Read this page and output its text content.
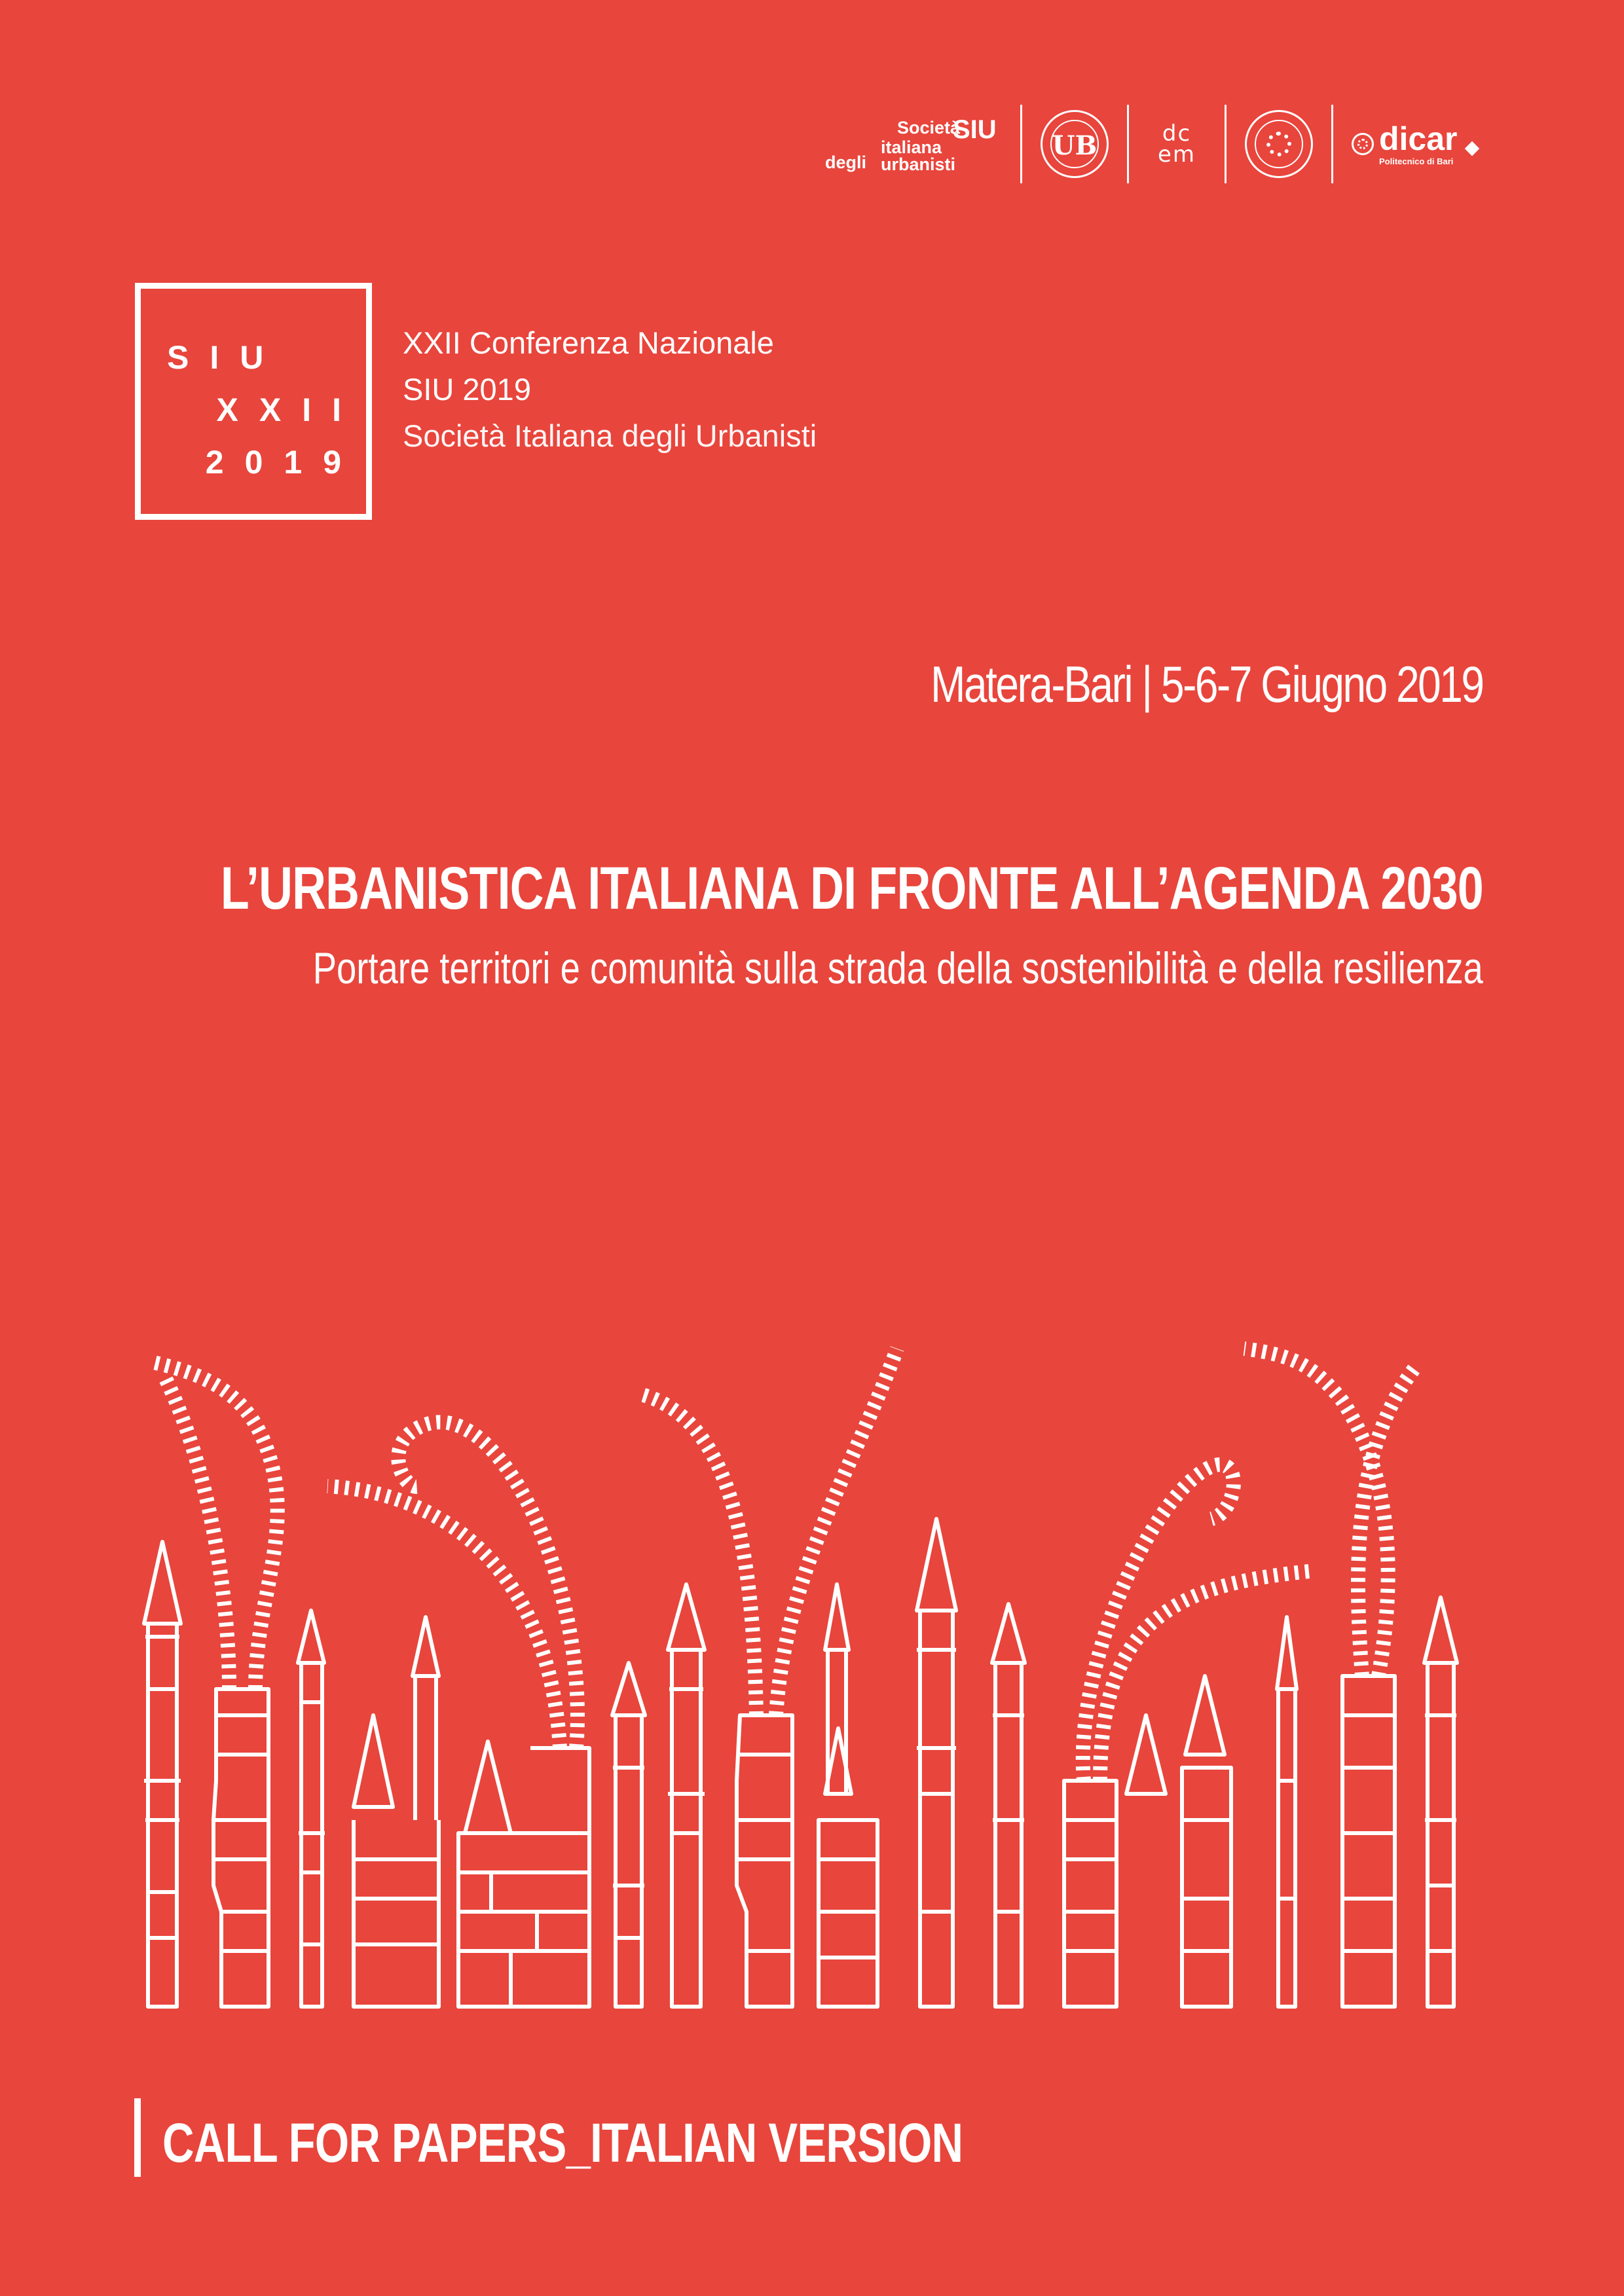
Società
SIU
italiana
degli urbanisti
UB	dc em	dicar
Politecnico di Bari
SIU
XXII
2019
XXII Conferenza Nazionale
SIU 2019
Società Italiana degli Urbanisti
Matera-Bari | 5-6-7 Giugno 2019
L’URBANISTICA ITALIANA DI FRONTE ALL’AGENDA 2030
Portare territori e comunità sulla strada della sostenibilità e della resilienza
CALL FOR PAPERS_ITALIAN VERSION
